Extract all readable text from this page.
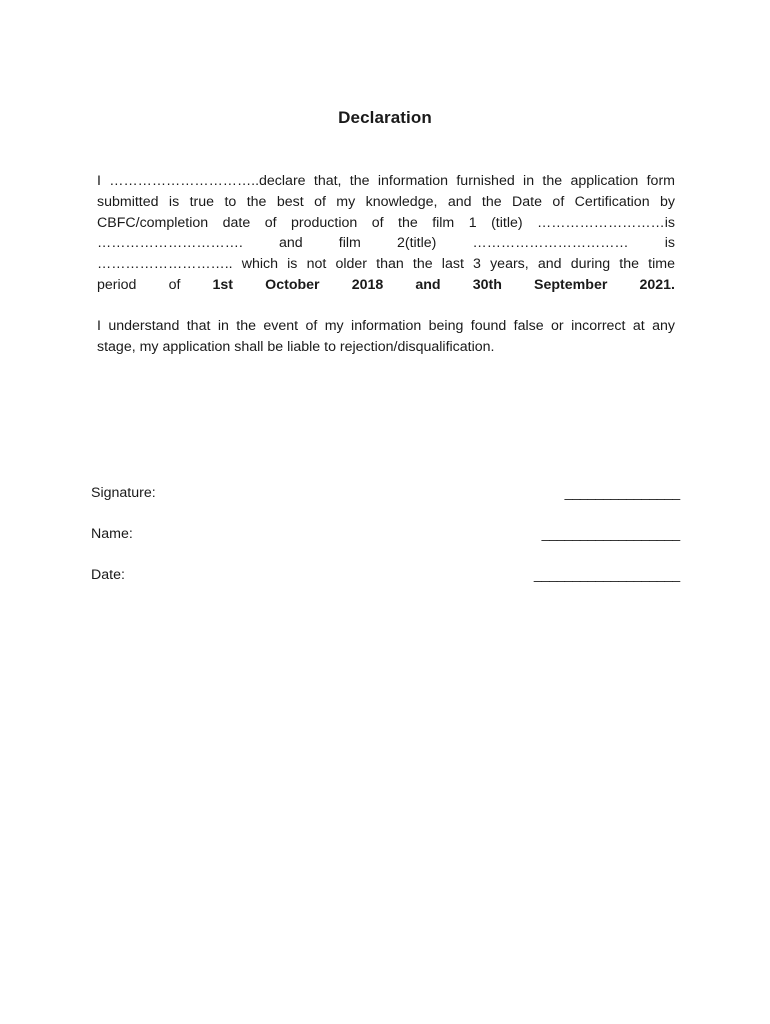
Declaration
I …………………………..declare that, the information furnished in the application form
submitted is true to the best of my knowledge, and the Date of Certification by
CBFC/completion date of production of the film 1 (title) ………………………is
…………………………. and film 2(title) …………………………… is
……………………….. which is not older than the last 3 years, and during the time
period of 1st October 2018 and 30th September 2021.
I understand that in the event of my information being found false or incorrect at any
stage, my application shall be liable to rejection/disqualification.
Signature:	_______________
Name:	__________________
Date:	___________________
